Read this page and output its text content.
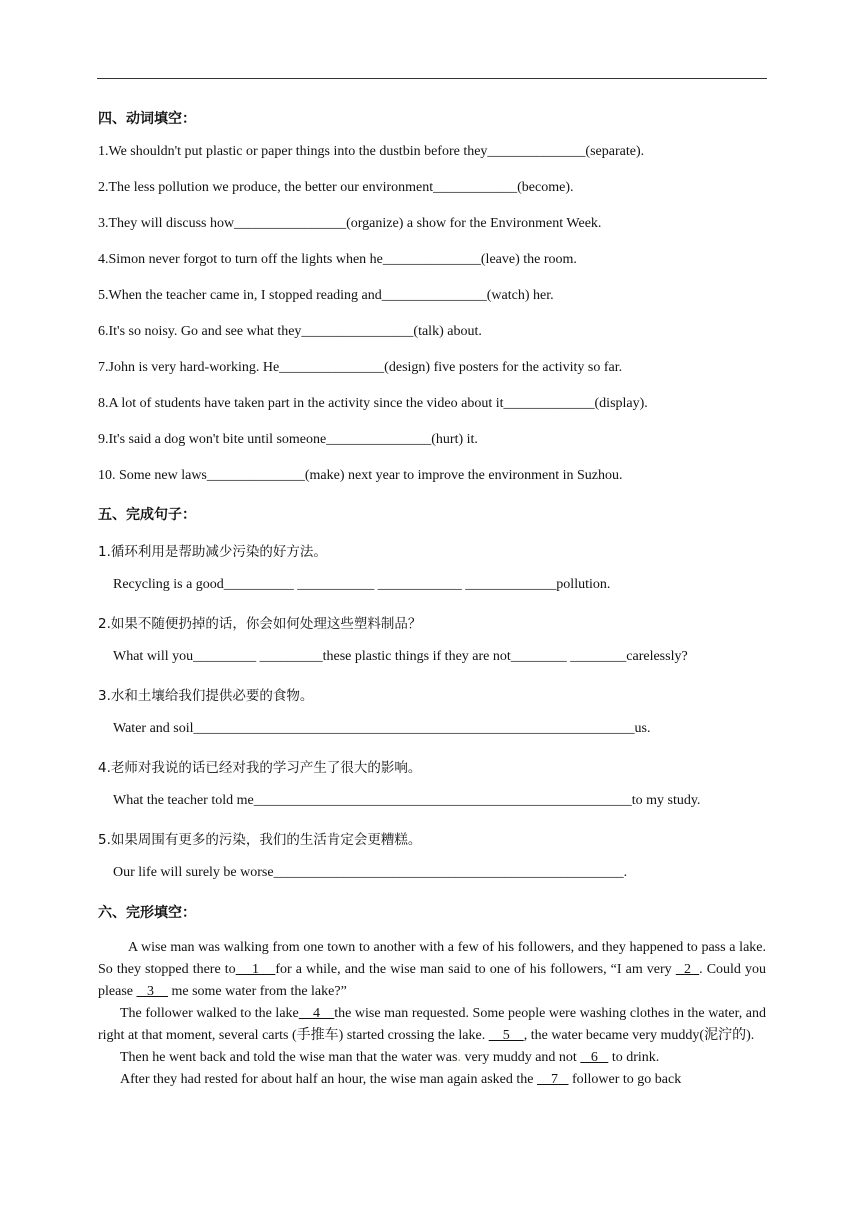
四、动词填空：
1.We shouldn't put plastic or paper things into the dustbin before they______________(separate).
2.The less pollution we produce, the better our environment____________(become).
3.They will discuss how________________(organize) a show for the Environment Week.
4.Simon never forgot to turn off the lights when he______________(leave) the room.
5.When the teacher came in, I stopped reading and_______________(watch) her.
6.It's so noisy. Go and see what they________________(talk) about.
7.John is very hard-working. He_______________(design) five posters for the activity so far.
8.A lot of students have taken part in the activity since the video about it_____________(display).
9.It's said a dog won't bite until someone_______________(hurt) it.
10. Some new laws______________(make) next year to improve the environment in Suzhou.
五、完成句子：
1.循环利用是帮助减少污染的好方法。
Recycling is a good__________ ___________ ____________ _____________pollution.
2.如果不随便扔掉的话，你会如何处理这些塑料制品？
What will you_________ _________these plastic things if they are not________ ________carelessly?
3.水和土壤给我们提供必要的食物。
Water and soil_______________________________________________________________us.
4.老师对我说的话已经对我的学习产生了很大的影响。
What the teacher told me______________________________________________________to my study.
5.如果周围有更多的污染，我们的生活肯定会更糟糕。
Our life will surely be worse__________________________________________________.
六、完形填空：

A wise man was walking from one town to another with a few of his followers, and they happened to pass a lake. So they stopped there to    1    for a while, and the wise man said to one of his followers, “I am very   2  . Could you please    3     me some water from the lake?”

The follower walked to the lake    4    the wise man requested. Some people were washing clothes in the water, and right at that moment, several carts (手推车) started crossing the lake.     5    , the water became very muddy(泥泞的).

Then he went back and told the wise man that the water was. very muddy and not    6    to drink.

After they had rested for about half an hour, the wise man again asked the     7    follower to go back
